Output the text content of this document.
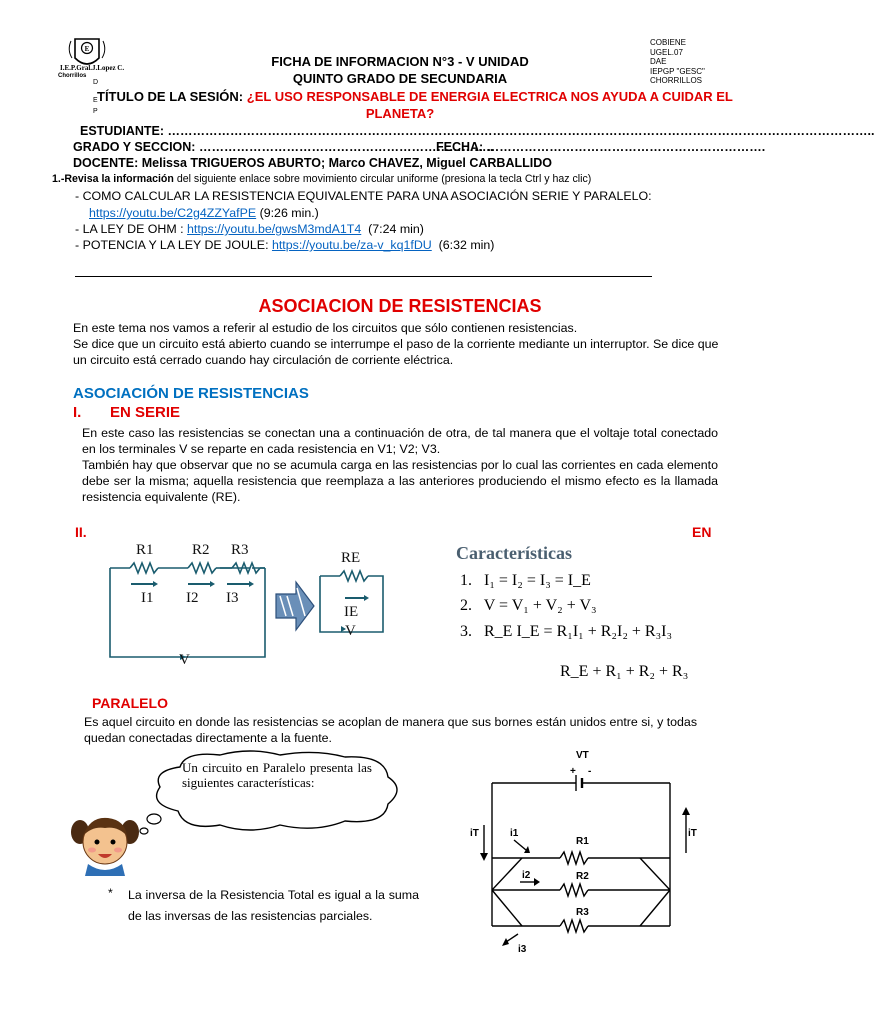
E
I.E.P.Gral.J.Lopez C.
Chorrillos
D
E
P
FICHA DE INFORMACION N°3 - V UNIDAD
QUINTO GRADO DE SECUNDARIA
COBIENE
UGEL.07
DAE
IEPGP "GESC"
CHORRILLOS
TÍTULO DE LA SESIÓN: ¿EL USO RESPONSABLE DE ENERGIA ELECTRICA NOS AYUDA A CUIDAR EL
PLANETA?
ESTUDIANTE: ……………………………………………………………………………………………………………………………………………………..
GRADO Y SECCION: ……………………………………………………………..
FECHA: ………………………………………………………….
DOCENTE: Melissa TRIGUEROS ABURTO; Marco CHAVEZ, Miguel CARBALLIDO
1.-Revisa la información del siguiente enlace sobre movimiento circular uniforme (presiona la tecla Ctrl y haz clic)
- COMO CALCULAR LA RESISTENCIA EQUIVALENTE PARA UNA ASOCIACIÓN SERIE Y PARALELO:
https://youtu.be/C2g4ZZYafPE (9:26 min.)
- LA LEY DE OHM : https://youtu.be/gwsM3mdA1T4 (7:24 min)
- POTENCIA Y LA LEY DE JOULE: https://youtu.be/za-v_kq1fDU (6:32 min)
ASOCIACION DE RESISTENCIAS
En este tema nos vamos a referir al estudio de los circuitos que sólo contienen resistencias.
Se dice que un circuito está abierto cuando se interrumpe el paso de la corriente mediante un interruptor. Se dice que un circuito está cerrado cuando hay circulación de corriente eléctrica.
ASOCIACIÓN DE RESISTENCIAS
I. EN SERIE
En este caso las resistencias se conectan una a continuación de otra, de tal manera que el voltaje total conectado en los terminales V se reparte en cada resistencia en V1; V2; V3.
También hay que observar que no se acumula carga en las resistencias por lo cual las corrientes en cada elemento debe ser la misma; aquella resistencia que reemplaza a las anteriores produciendo el mismo efecto es la llamada resistencia equivalente (RE).
II.	EN
R1	R2 R3
I1 I2 I3
V
RE
IE
V
Características
1.   I₁ = I₂ = I₃ = I_E
2.   V = V₁ + V₂ + V₃
3.   R_E I_E = R₁I₁ + R₂I₂ + R₃I₃
R_E + R₁ + R₂ + R₃
PARALELO
Es aquel circuito en donde las resistencias se acoplan de manera que sus bornes están unidos entre si, y todas quedan conectadas directamente a la fuente.
Un circuito en Paralelo presenta las siguientes características:
* La inversa de la Resistencia Total es igual a la suma de las inversas de las resistencias parciales.
VT
+ -
iT	iT
i1
i2
i3
R1
R2
R3
